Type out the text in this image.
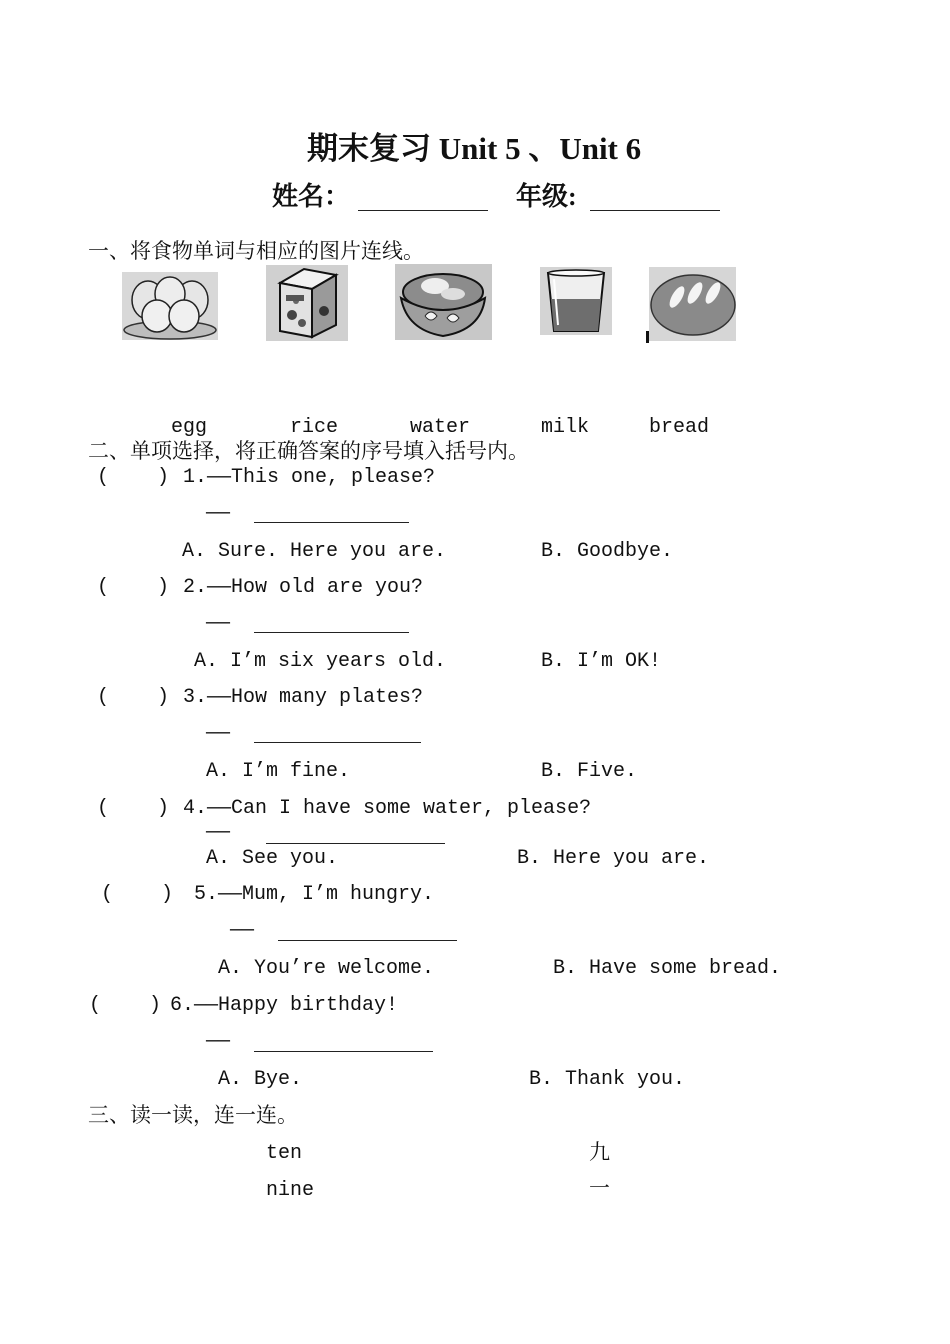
期末复习 Unit 5 、Unit 6
姓名：	年级:
一、将食物单词与相应的图片连线。
egg	rice	water	milk	bread
二、单项选择，将正确答案的序号填入括号内。
(    ) 1.——This one, please?
——
A. Sure. Here you are.	B. Goodbye.
(    ) 2.——How old are you?
——
A. I’m six years old.	B. I’m OK!
(    ) 3.——How many plates?
——
A. I’m fine.	B. Five.
(    ) 4.——Can I have some water, please?
——
A. See you.	B. Here you are.
(    ) 5.——Mum, I’m hungry.
——
A. You’re welcome.	B. Have some bread.
(    ) 6.——Happy birthday!
——
A. Bye.	B. Thank you.
三、读一读，连一连。
ten
nine
九
一
